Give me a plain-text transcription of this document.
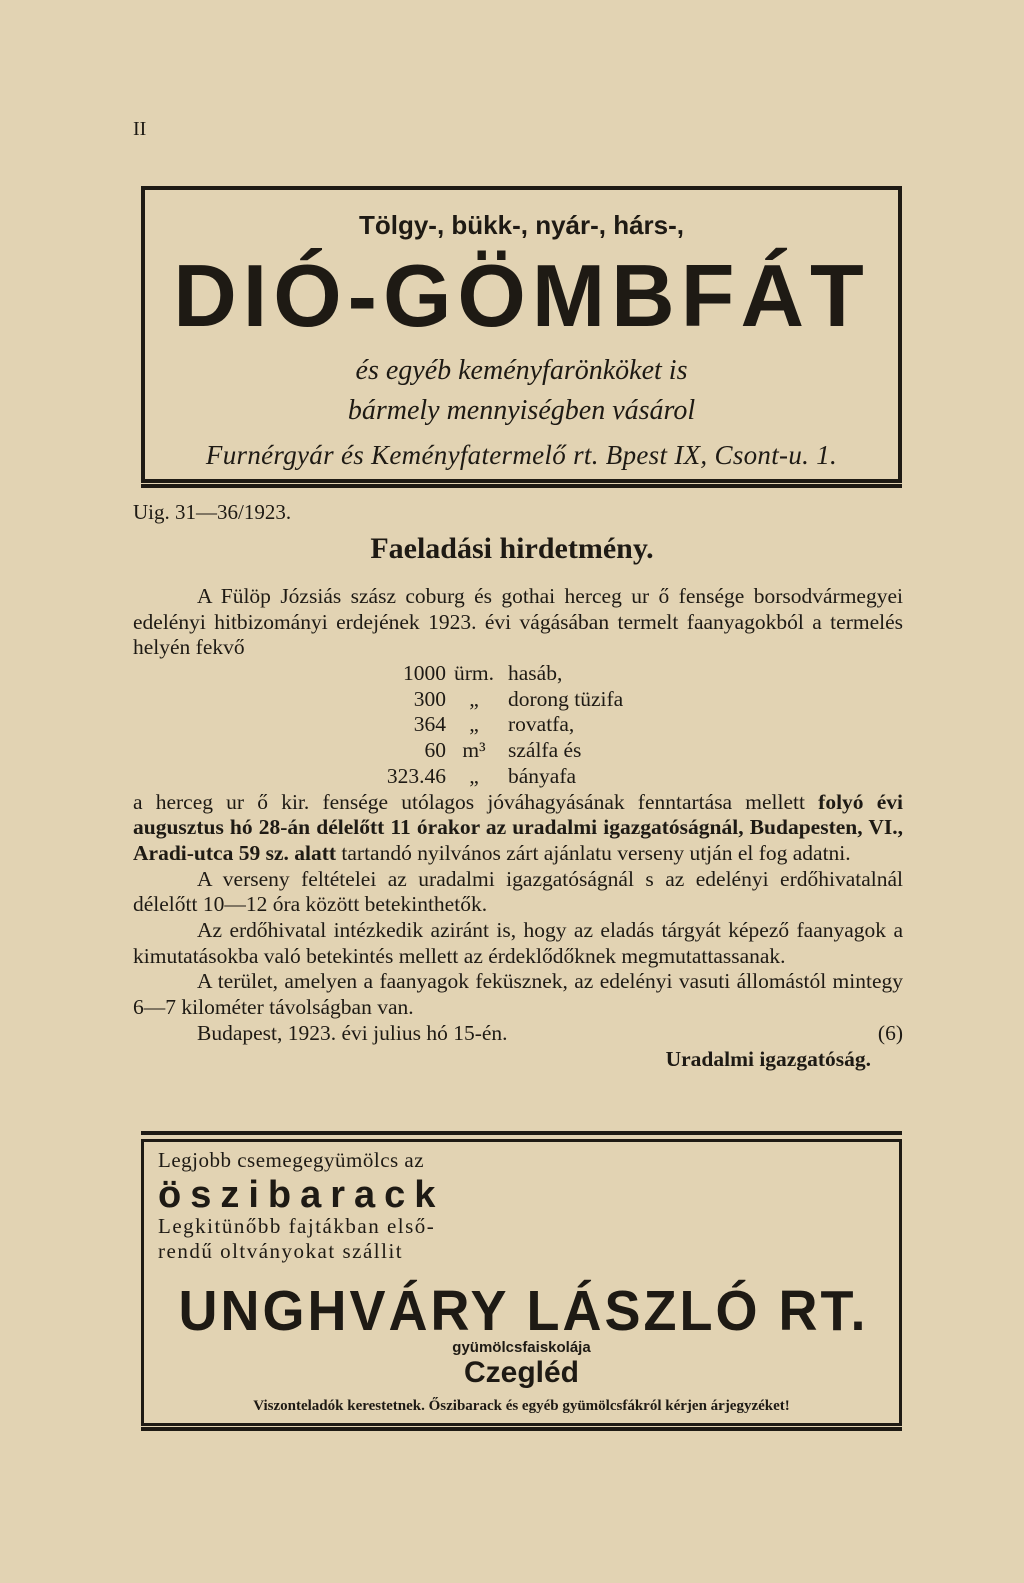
II
Tölgy-, bükk-, nyár-, hárs-,
DIÓ-GÖMBFÁT
és egyéb keményfarönköket is
bármely mennyiségben vásárol
Furnérgyár és Keményfatermelő rt. Bpest IX, Csont-u. 1.
Uig. 31—36/1923.
Faeladási hirdetmény.

A Fülöp Józsiás szász coburg és gothai herceg ur ő fensége borsodvármegyei edelényi hitbizományi erdejének 1923. évi vágásában termelt faanyagokból a termelés helyén fekvő

1000 ürm. hasáb,
300	„	dorong tüzifa
364	„	rovatfa,
60 m³	szálfa és
323.46	„	bányafa

a herceg ur ő kir. fensége utólagos jóváhagyásának fenntartása mellett folyó évi augusztus hó 28-án délelőtt 11 órakor az uradalmi igazgatóságnál, Budapesten, VI., Aradi-utca 59 sz. alatt tartandó nyilvános zárt ajánlatu verseny utján el fog adatni.

A verseny feltételei az uradalmi igazgatóságnál s az edelényi erdőhivatalnál délelőtt 10—12 óra között betekinthetők.

Az erdőhivatal intézkedik aziránt is, hogy az eladás tárgyát képező faanyagok a kimutatásokba való betekintés mellett az érdeklődőknek megmutattassanak.

A terület, amelyen a faanyagok feküsznek, az edelényi vasuti állomástól mintegy 6—7 kilométer távolságban van.

Budapest, 1923. évi julius hó 15-én.	(6)
Uradalmi igazgatóság.
Legjobb csemegegyümölcs az
öszibarack
Legkitünőbb fajtákban első-
rendű oltványokat szállit
UNGHVÁRY LÁSZLÓ RT.
gyümölcsfaiskolája
Czegléd
Viszonteladók kerestetnek. Őszibarack és egyéb gyümölcsfákról kérjen árjegyzéket!
